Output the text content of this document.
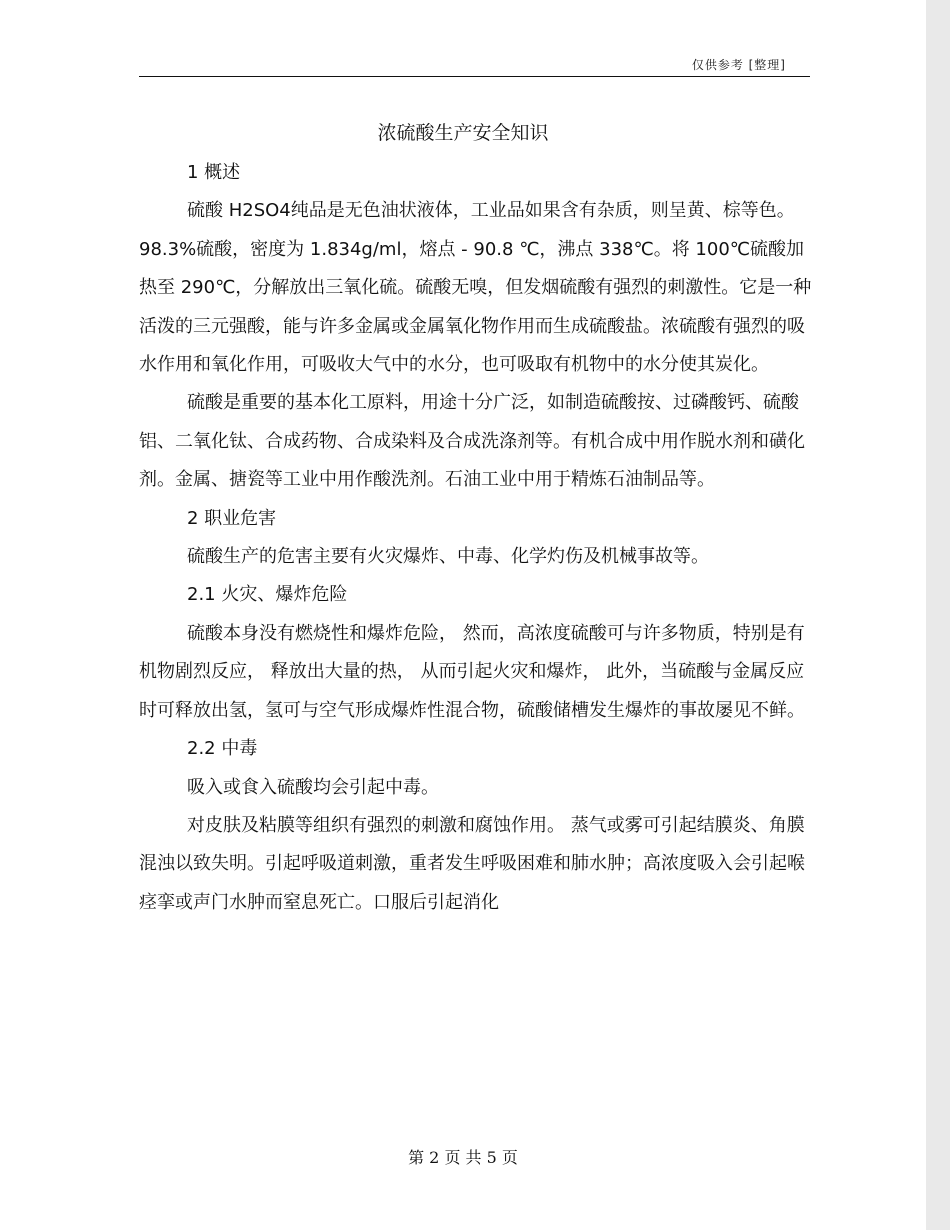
仅供参考 [整理]
浓硫酸生产安全知识

1 概述

硫酸 H2SO4纯品是无色油状液体，工业品如果含有杂质，则呈黄、棕等色。 98.3%硫酸，密度为 1.834g/ml，熔点 - 90.8 ℃，沸点 338℃。将 100℃硫酸加热至 290℃，分解放出三氧化硫。硫酸无嗅，但发烟硫酸有强烈的刺激性。它是一种活泼的三元强酸，能与许多金属或金属氧化物作用而生成硫酸盐。浓硫酸有强烈的吸水作用和氧化作用，可吸收大气中的水分，也可吸取有机物中的水分使其炭化。

硫酸是重要的基本化工原料，用途十分广泛，如制造硫酸按、过磷酸钙、硫酸铝、二氧化钛、合成药物、合成染料及合成洗涤剂等。有机合成中用作脱水剂和磺化剂。金属、搪瓷等工业中用作酸洗剂。石油工业中用于精炼石油制品等。

2 职业危害

硫酸生产的危害主要有火灾爆炸、中毒、化学灼伤及机械事故等。

2.1 火灾、爆炸危险

硫酸本身没有燃烧性和爆炸危险， 然而，高浓度硫酸可与许多物质，特别是有机物剧烈反应， 释放出大量的热， 从而引起火灾和爆炸， 此外，当硫酸与金属反应时可释放出氢，氢可与空气形成爆炸性混合物，硫酸储槽发生爆炸的事故屡见不鲜。

2.2 中毒

吸入或食入硫酸均会引起中毒。

对皮肤及粘膜等组织有强烈的刺激和腐蚀作用。 蒸气或雾可引起结膜炎、角膜混浊以致失明。引起呼吸道刺激，重者发生呼吸困难和肺水肿；高浓度吸入会引起喉痉挛或声门水肿而窒息死亡。口服后引起消化

第 2 页 共 5 页
